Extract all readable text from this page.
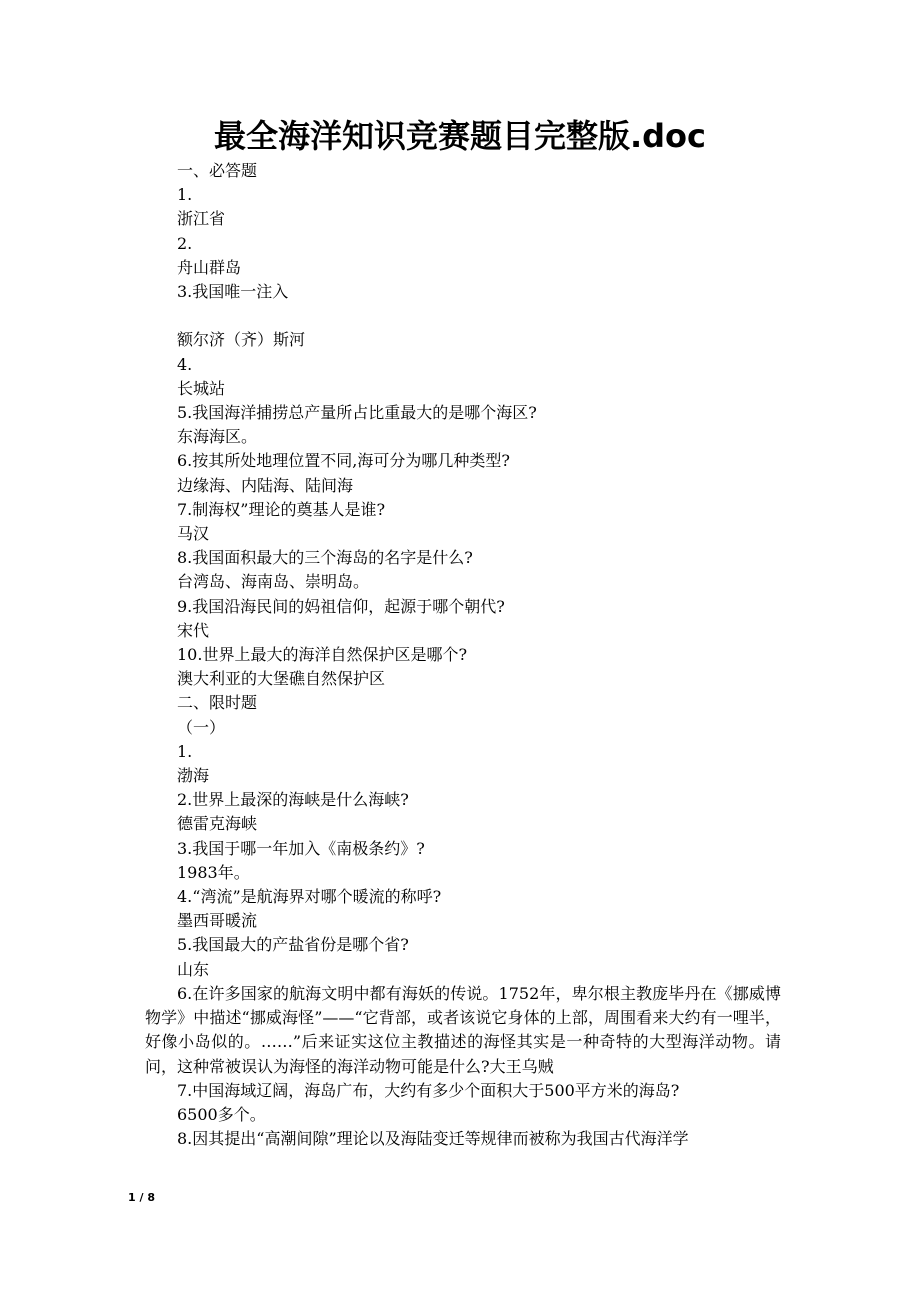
最全海洋知识竞赛题目完整版.doc
一、必答题
1.
浙江省
2.
舟山群岛
3.我国唯一注入
额尔济（齐）斯河
4.
长城站
5.我国海洋捕捞总产量所占比重最大的是哪个海区?
东海海区。
6.按其所处地理位置不同,海可分为哪几种类型?
边缘海、内陆海、陆间海
7.制海权”理论的奠基人是谁?
马汉
8.我国面积最大的三个海岛的名字是什么?
台湾岛、海南岛、崇明岛。
9.我国沿海民间的妈祖信仰，起源于哪个朝代?
宋代
10.世界上最大的海洋自然保护区是哪个?
澳大利亚的大堡礁自然保护区
二、限时题
（一）
1.
渤海
2.世界上最深的海峡是什么海峡?
德雷克海峡
3.我国于哪一年加入《南极条约》?
1983年。
4.“湾流”是航海界对哪个暖流的称呼?
墨西哥暖流
5.我国最大的产盐省份是哪个省?
山东
6.在许多国家的航海文明中都有海妖的传说。1752年，卑尔根主教庞毕丹在《挪威博物学》中描述“挪威海怪”——“它背部，或者该说它身体的上部，周围看来大约有一哩半，好像小岛似的。……”后来证实这位主教描述的海怪其实是一种奇特的大型海洋动物。请问，这种常被误认为海怪的海洋动物可能是什么?大王乌贼
7.中国海域辽阔，海岛广布，大约有多少个面积大于500平方米的海岛?
6500多个。
8.因其提出“高潮间隙”理论以及海陆变迁等规律而被称为我国古代海洋学
1 / 8
